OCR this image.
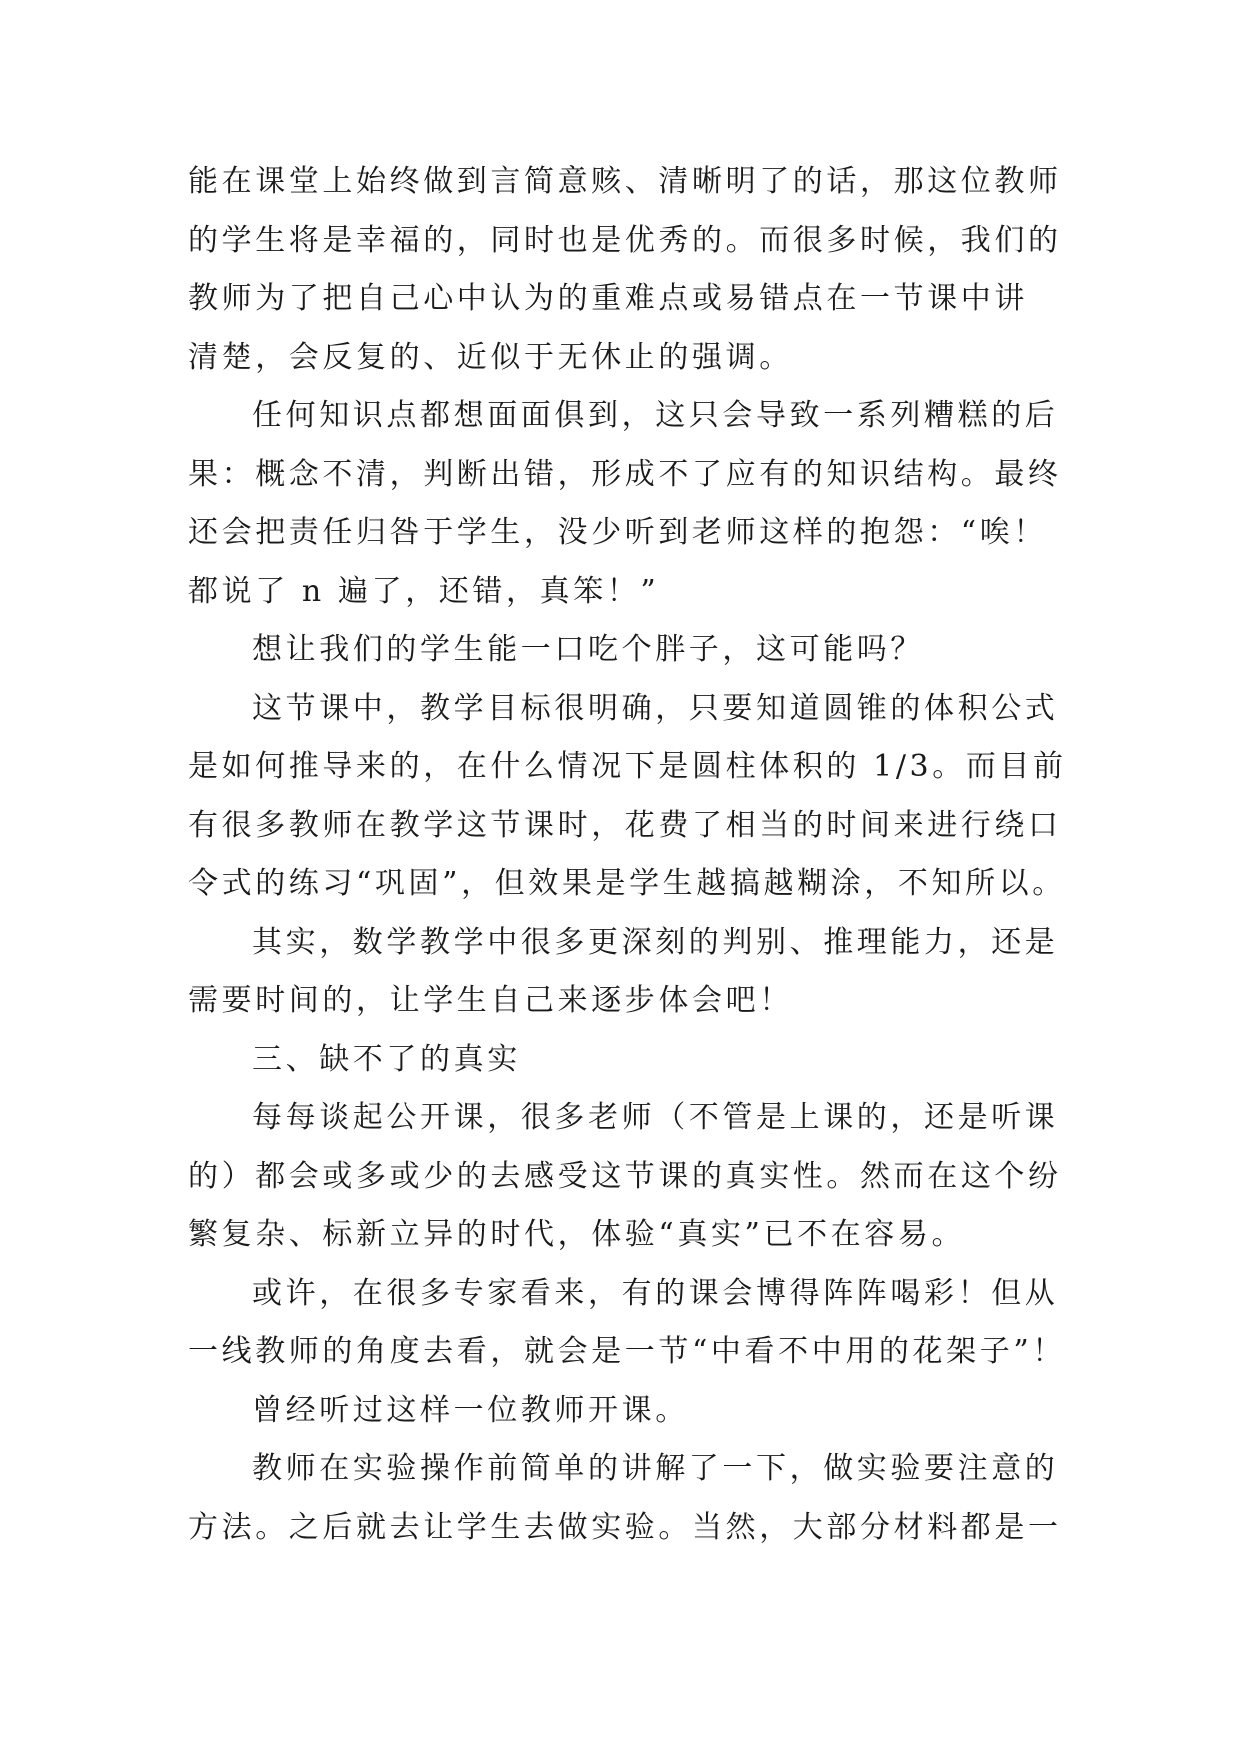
能在课堂上始终做到言简意赅、清晰明了的话，那这位教师
的学生将是幸福的，同时也是优秀的。而很多时候，我们的
教师为了把自己心中认为的重难点或易错点在一节课中讲
清楚，会反复的、近似于无休止的强调。
任何知识点都想面面俱到，这只会导致一系列糟糕的后
果：概念不清，判断出错，形成不了应有的知识结构。最终
还会把责任归咎于学生，没少听到老师这样的抱怨：“唉！
都说了 n 遍了，还错，真笨！”
想让我们的学生能一口吃个胖子，这可能吗？
这节课中，教学目标很明确，只要知道圆锥的体积公式
是如何推导来的，在什么情况下是圆柱体积的 1/3。而目前
有很多教师在教学这节课时，花费了相当的时间来进行绕口
令式的练习“巩固”，但效果是学生越搞越糊涂，不知所以。
其实，数学教学中很多更深刻的判别、推理能力，还是
需要时间的，让学生自己来逐步体会吧！
三、缺不了的真实
每每谈起公开课，很多老师（不管是上课的，还是听课
的）都会或多或少的去感受这节课的真实性。然而在这个纷
繁复杂、标新立异的时代，体验“真实”已不在容易。
或许，在很多专家看来，有的课会博得阵阵喝彩！但从
一线教师的角度去看，就会是一节“中看不中用的花架子”！
曾经听过这样一位教师开课。
教师在实验操作前简单的讲解了一下，做实验要注意的
方法。之后就去让学生去做实验。当然，大部分材料都是一
